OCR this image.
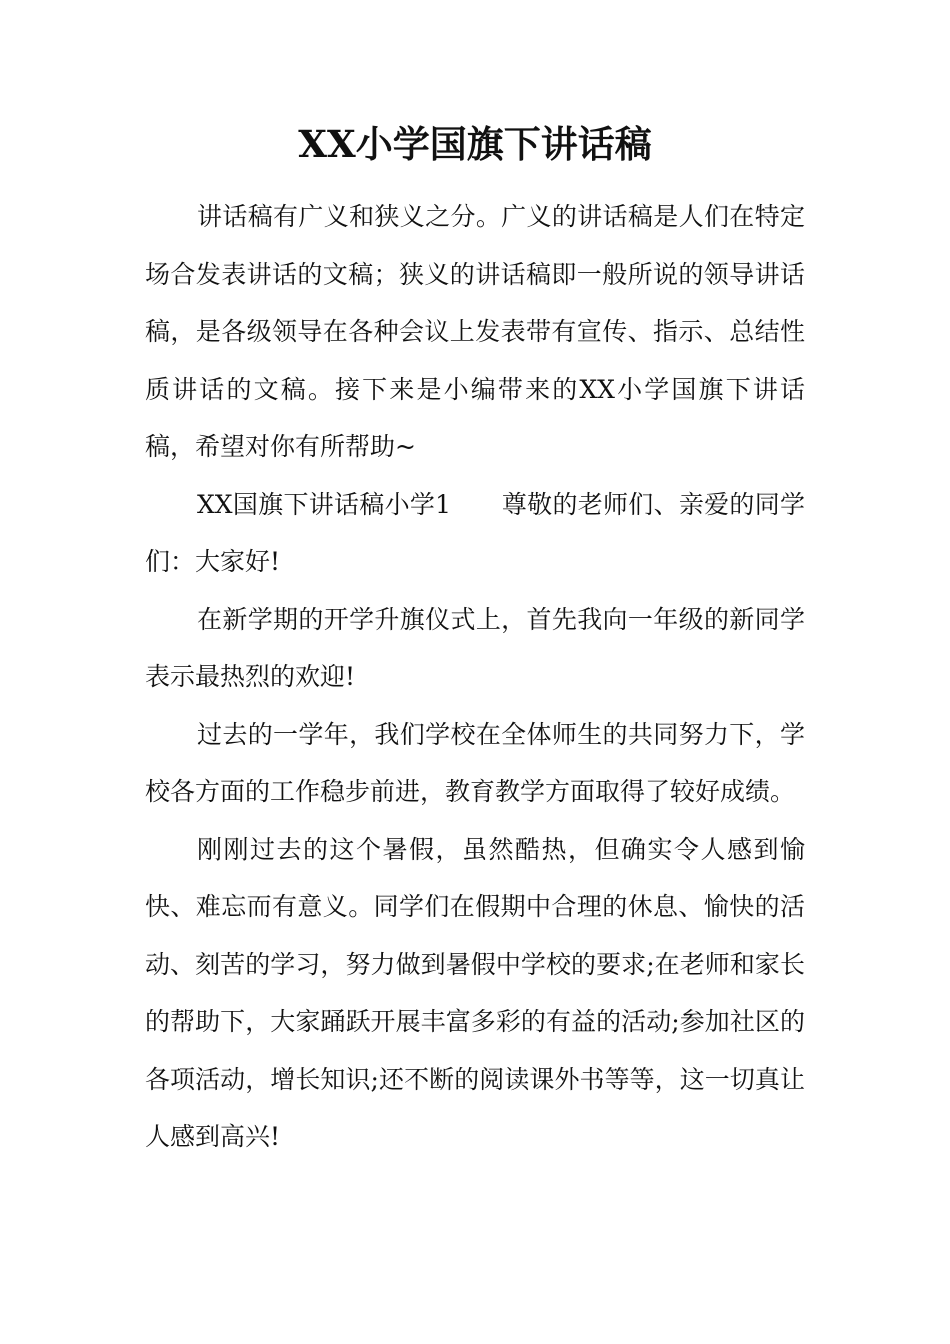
XX小学国旗下讲话稿

讲话稿有广义和狭义之分。广义的讲话稿是人们在特定场合发表讲话的文稿；狭义的讲话稿即一般所说的领导讲话稿，是各级领导在各种会议上发表带有宣传、指示、总结性质讲话的文稿。接下来是小编带来的XX小学国旗下讲话稿，希望对你有所帮助~

XX国旗下讲话稿小学1　　尊敬的老师们、亲爱的同学们：大家好!

在新学期的开学升旗仪式上，首先我向一年级的新同学表示最热烈的欢迎!

过去的一学年，我们学校在全体师生的共同努力下，学校各方面的工作稳步前进，教育教学方面取得了较好成绩。

刚刚过去的这个暑假，虽然酷热，但确实令人感到愉快、难忘而有意义。同学们在假期中合理的休息、愉快的活动、刻苦的学习，努力做到暑假中学校的要求;在老师和家长的帮助下，大家踊跃开展丰富多彩的有益的活动;参加社区的各项活动，增长知识;还不断的阅读课外书等等，这一切真让人感到高兴!
